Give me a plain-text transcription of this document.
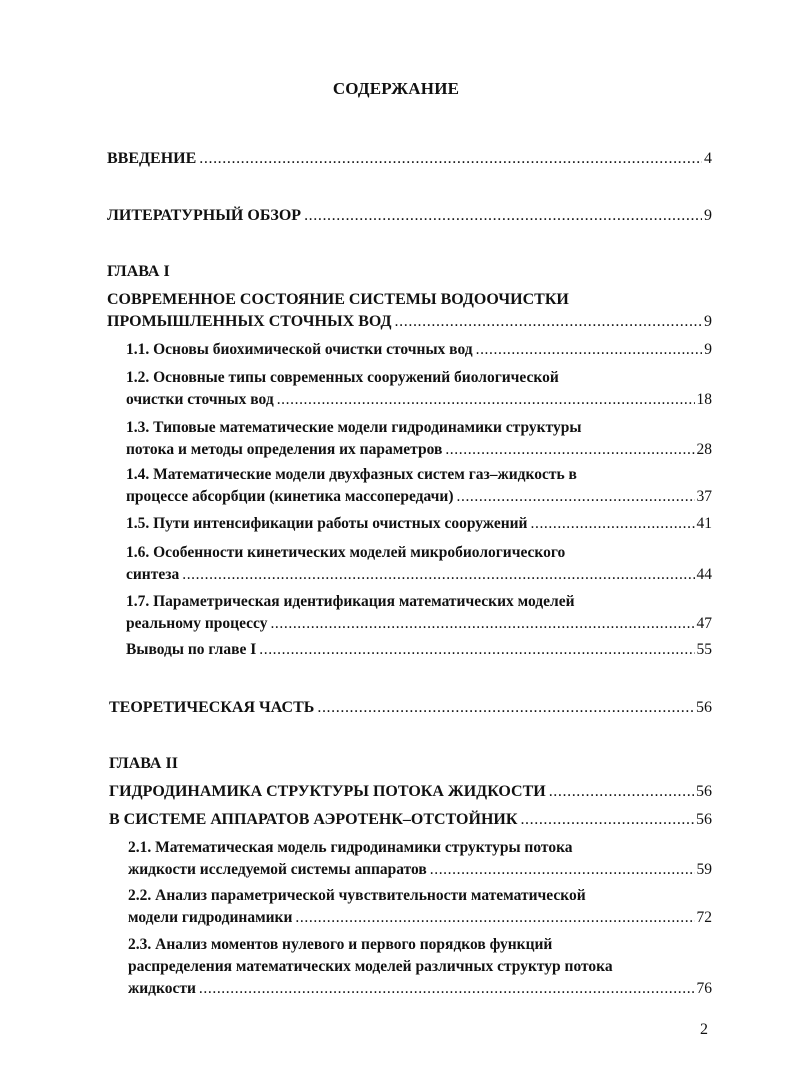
СОДЕРЖАНИЕ
ВВЕДЕНИЕ .....	4
ЛИТЕРАТУРНЫЙ ОБЗОР .....	9
ГЛАВА I
СОВРЕМЕННОЕ СОСТОЯНИЕ СИСТЕМЫ ВОДООЧИСТКИ
ПРОМЫШЛЕННЫХ СТОЧНЫХ ВОД .....	9
1.1. Основы биохимической очистки сточных вод .....	9
1.2. Основные типы современных сооружений биологической
очистки сточных вод .....	18
1.3. Типовые математические модели гидродинамики структуры
потока и методы определения их параметров .....	28
1.4. Математические модели двухфазных систем газ–жидкость в
процессе абсорбции (кинетика массопередачи) .....	37
1.5. Пути интенсификации работы очистных сооружений .....	41
1.6. Особенности кинетических моделей микробиологического
синтеза .....	44
1.7. Параметрическая идентификация математических моделей
реальному процессу .....	47
Выводы по главе I .....	55
ТЕОРЕТИЧЕСКАЯ ЧАСТЬ .....	56
ГЛАВА II
ГИДРОДИНАМИКА СТРУКТУРЫ ПОТОКА ЖИДКОСТИ .....	56
В СИСТЕМЕ АППАРАТОВ АЭРОТЕНК–ОТСТОЙНИК .....	56
2.1. Математическая модель гидродинамики структуры потока
жидкости исследуемой системы аппаратов .....	59
2.2. Анализ параметрической чувствительности математической
модели гидродинамики .....	72
2.3. Анализ моментов нулевого и первого порядков функций
распределения математических моделей различных структур потока
жидкости .....	76
2
